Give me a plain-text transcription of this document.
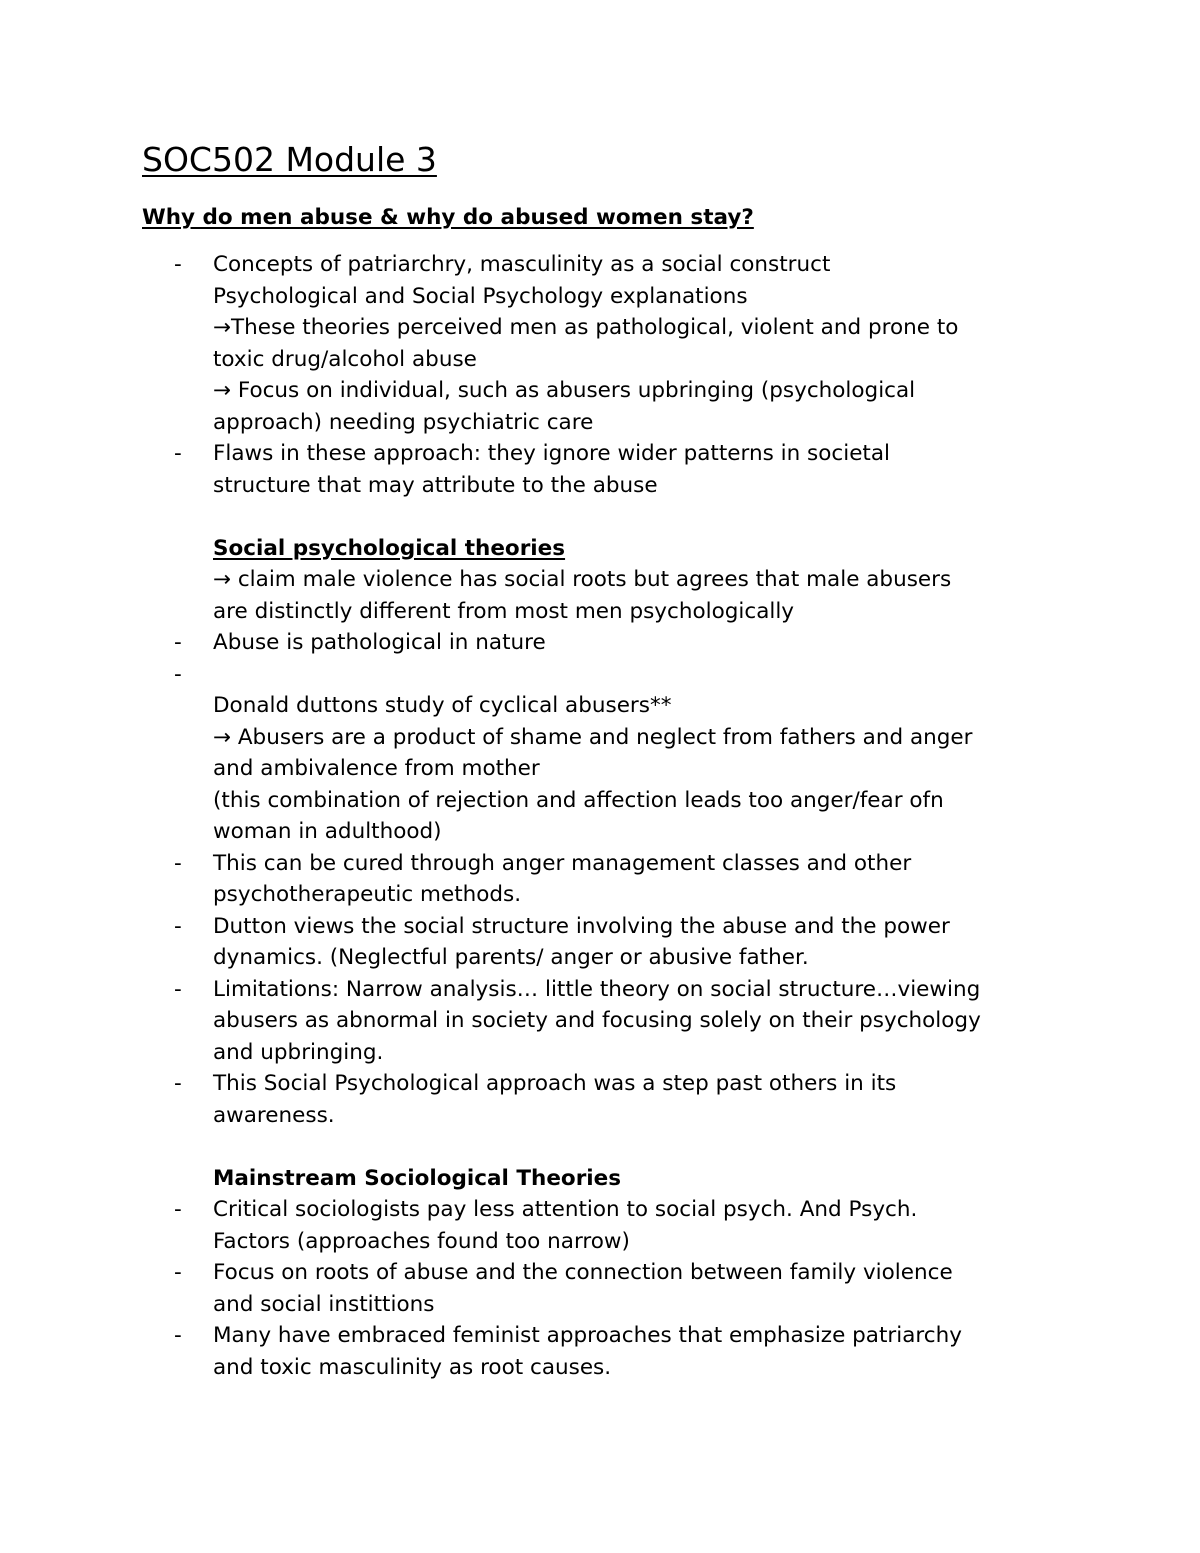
SOC502 Module 3
Why do men abuse & why do abused women stay?
- Concepts of patriarchry, masculinity as a social construct
Psychological and Social Psychology explanations
→These theories perceived men as pathological, violent and prone to
toxic drug/alcohol abuse
→ Focus on individual, such as abusers upbringing (psychological
approach) needing psychiatric care
- Flaws in these approach: they ignore wider patterns in societal
structure that may attribute to the abuse
Social psychological theories
→ claim male violence has social roots but agrees that male abusers
are distinctly different from most men psychologically
- Abuse is pathological in nature
-
Donald duttons study of cyclical abusers**
→ Abusers are a product of shame and neglect from fathers and anger
and ambivalence from mother
(this combination of rejection and affection leads too anger/fear ofn
woman in adulthood)
- This can be cured through anger management classes and other
psychotherapeutic methods.
- Dutton views the social structure involving the abuse and the power
dynamics. (Neglectful parents/ anger or abusive father.
- Limitations: Narrow analysis… little theory on social structure…viewing
abusers as abnormal in society and focusing solely on their psychology
and upbringing.
- This Social Psychological approach was a step past others in its
awareness.
Mainstream Sociological Theories
- Critical sociologists pay less attention to social psych. And Psych.
Factors (approaches found too narrow)
- Focus on roots of abuse and the connection between family violence
and social instittions
- Many have embraced feminist approaches that emphasize patriarchy
and toxic masculinity as root causes.
